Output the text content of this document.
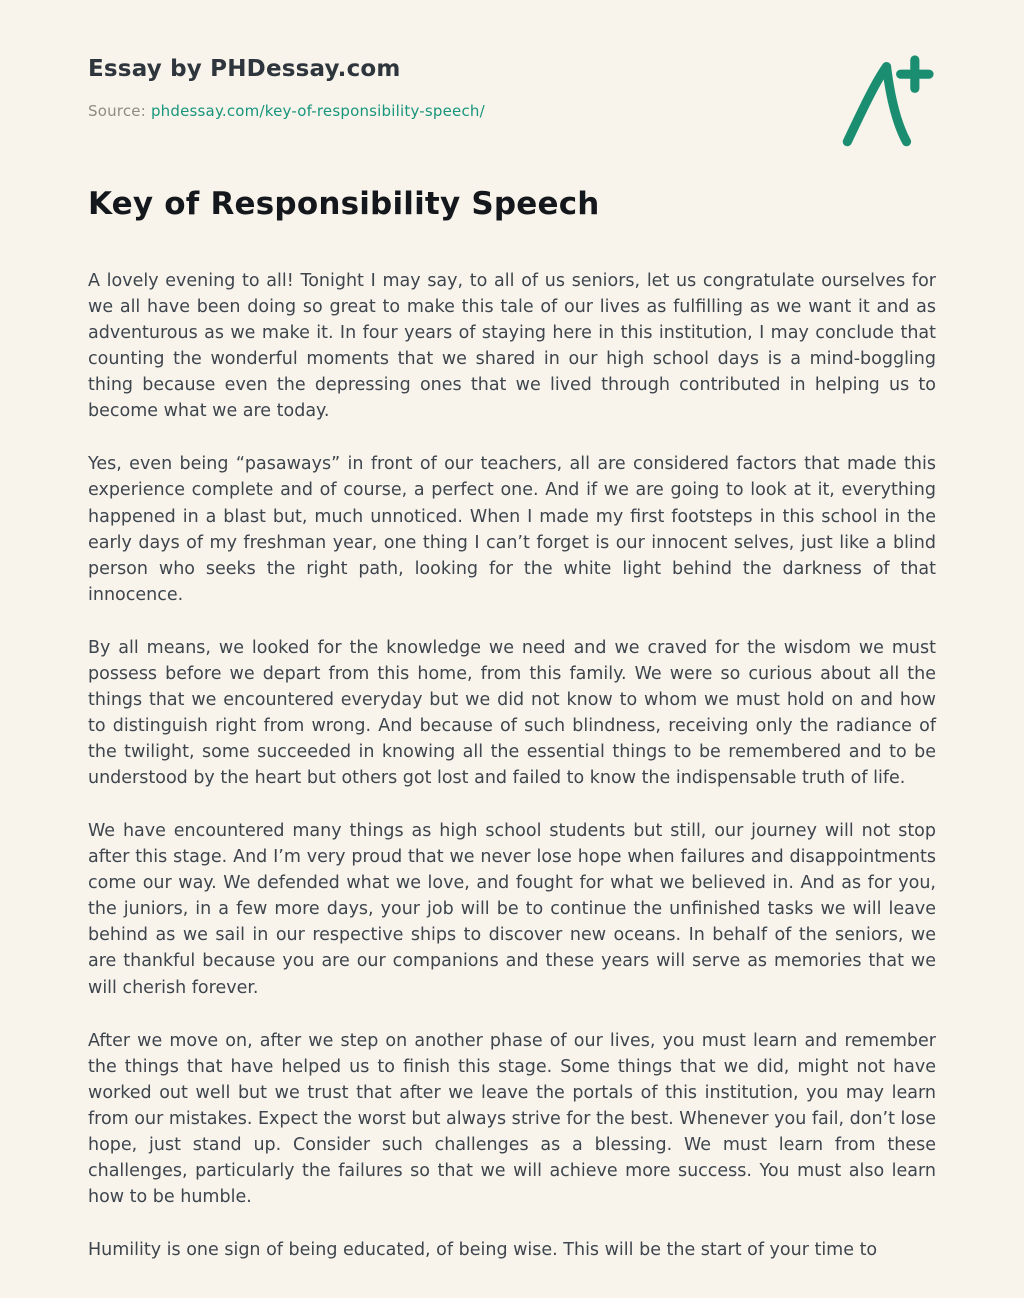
Essay by PHDessay.com
Source: phdessay.com/key-of-responsibility-speech/
Key of Responsibility Speech

A lovely evening to all! Tonight I may say, to all of us seniors, let us congratulate ourselves for we all have been doing so great to make this tale of our lives as fulfilling as we want it and as adventurous as we make it. In four years of staying here in this institution, I may conclude that counting the wonderful moments that we shared in our high school days is a mind-boggling thing because even the depressing ones that we lived through contributed in helping us to become what we are today.

Yes, even being “pasaways” in front of our teachers, all are considered factors that made this experience complete and of course, a perfect one. And if we are going to look at it, everything happened in a blast but, much unnoticed. When I made my first footsteps in this school in the early days of my freshman year, one thing I can’t forget is our innocent selves, just like a blind person who seeks the right path, looking for the white light behind the darkness of that innocence.

By all means, we looked for the knowledge we need and we craved for the wisdom we must possess before we depart from this home, from this family. We were so curious about all the things that we encountered everyday but we did not know to whom we must hold on and how to distinguish right from wrong. And because of such blindness, receiving only the radiance of the twilight, some succeeded in knowing all the essential things to be remembered and to be understood by the heart but others got lost and failed to know the indispensable truth of life.

We have encountered many things as high school students but still, our journey will not stop after this stage. And I’m very proud that we never lose hope when failures and disappointments come our way. We defended what we love, and fought for what we believed in. And as for you, the juniors, in a few more days, your job will be to continue the unfinished tasks we will leave behind as we sail in our respective ships to discover new oceans. In behalf of the seniors, we are thankful because you are our companions and these years will serve as memories that we will cherish forever.

After we move on, after we step on another phase of our lives, you must learn and remember the things that have helped us to finish this stage. Some things that we did, might not have worked out well but we trust that after we leave the portals of this institution, you may learn from our mistakes. Expect the worst but always strive for the best. Whenever you fail, don’t lose hope, just stand up. Consider such challenges as a blessing. We must learn from these challenges, particularly the failures so that we will achieve more success. You must also learn how to be humble.

Humility is one sign of being educated, of being wise. This will be the start of your time to
